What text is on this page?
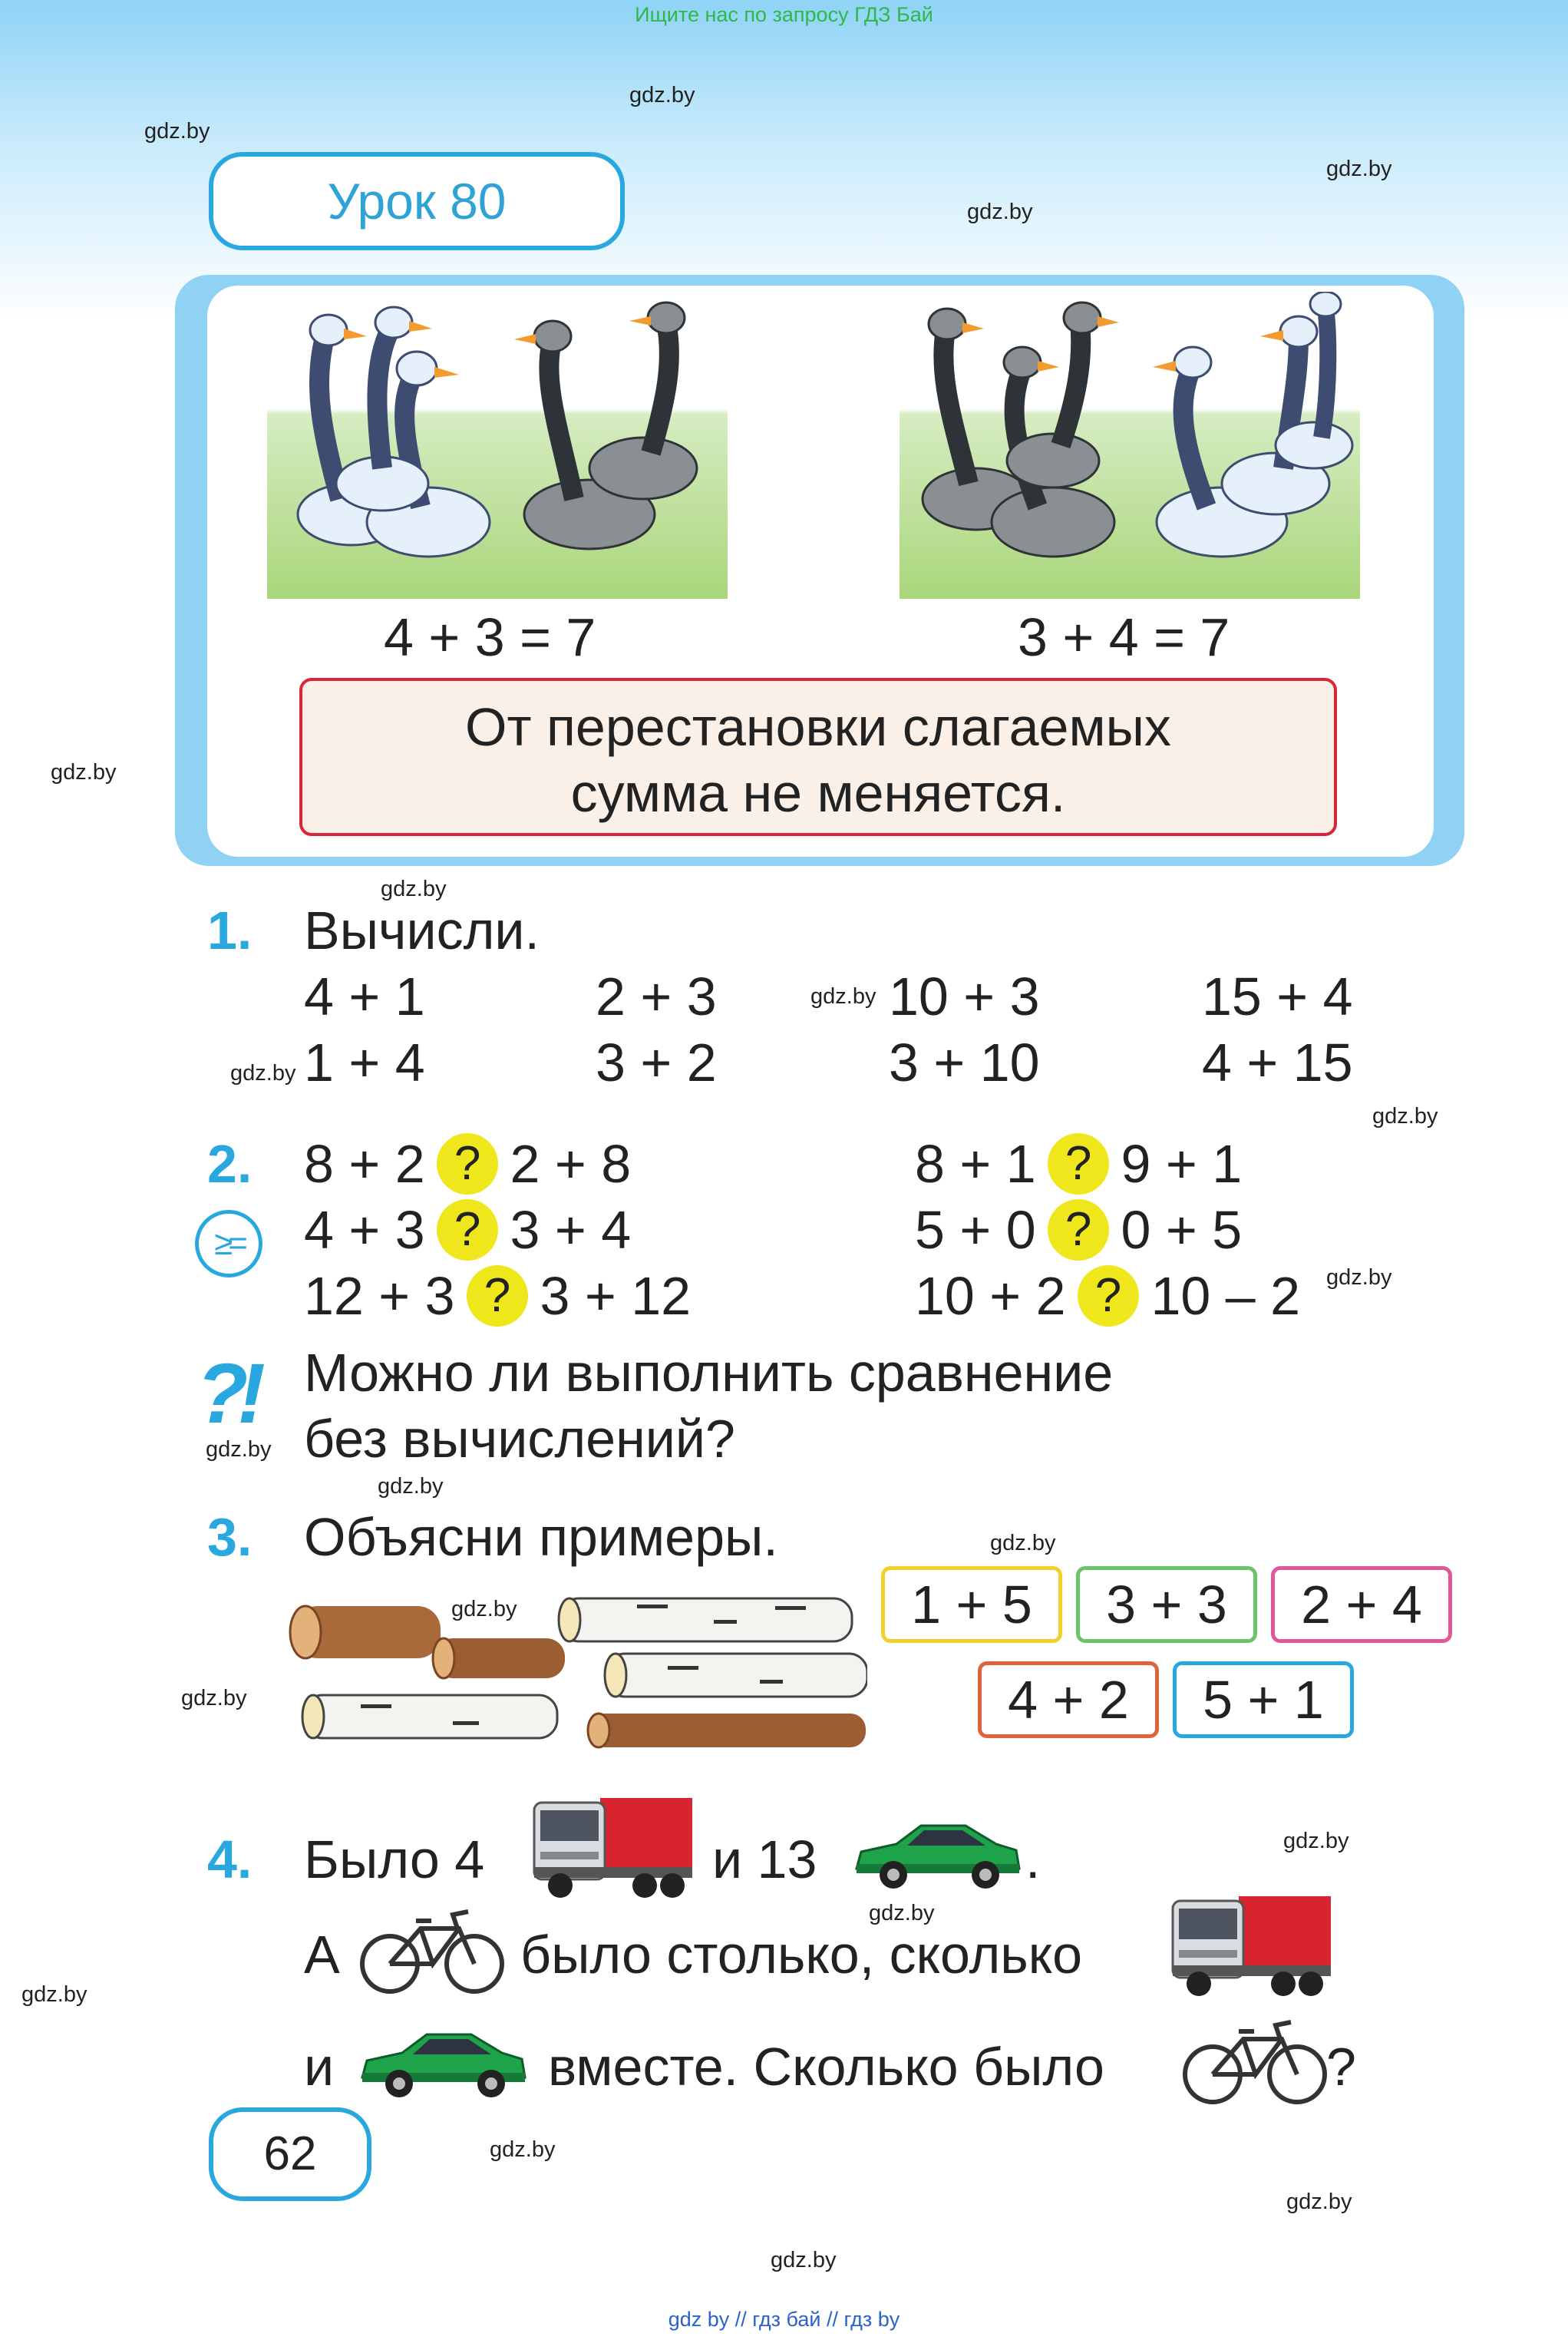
Ищите нас по запросу ГДЗ Бай
gdz.by
gdz.by
gdz.by
gdz.by
gdz.by
gdz.by
gdz.by
gdz.by
gdz.by
gdz.by
gdz.by
gdz.by
gdz.by
gdz.by
gdz.by
gdz.by
gdz.by
gdz.by
gdz.by
gdz.by
gdz.by
Урок 80
4 + 3 = 7	3 + 4 = 7
От перестановки слагаемых
сумма не меняется.
1. Вычисли.
4 + 1	2 + 3	10 + 3	15 + 4
1 + 4	3 + 2	3 + 10	4 + 15
2.
≥=
8 + 2 ? 2 + 8
4 + 3 ? 3 + 4
12 + 3 ? 3 + 12
8 + 1 ? 9 + 1
5 + 0 ? 0 + 5
10 + 2 ? 10 – 2
?! Можно ли выполнить сравнение
без вычислений?
3. Объясни примеры.
1 + 5	3 + 3	2 + 4
4 + 2	5 + 1
4. Было 4	и 13	.
А	было столько, сколько
и	вместе. Сколько было	?
62
gdz by // гдз бай // гдз by
